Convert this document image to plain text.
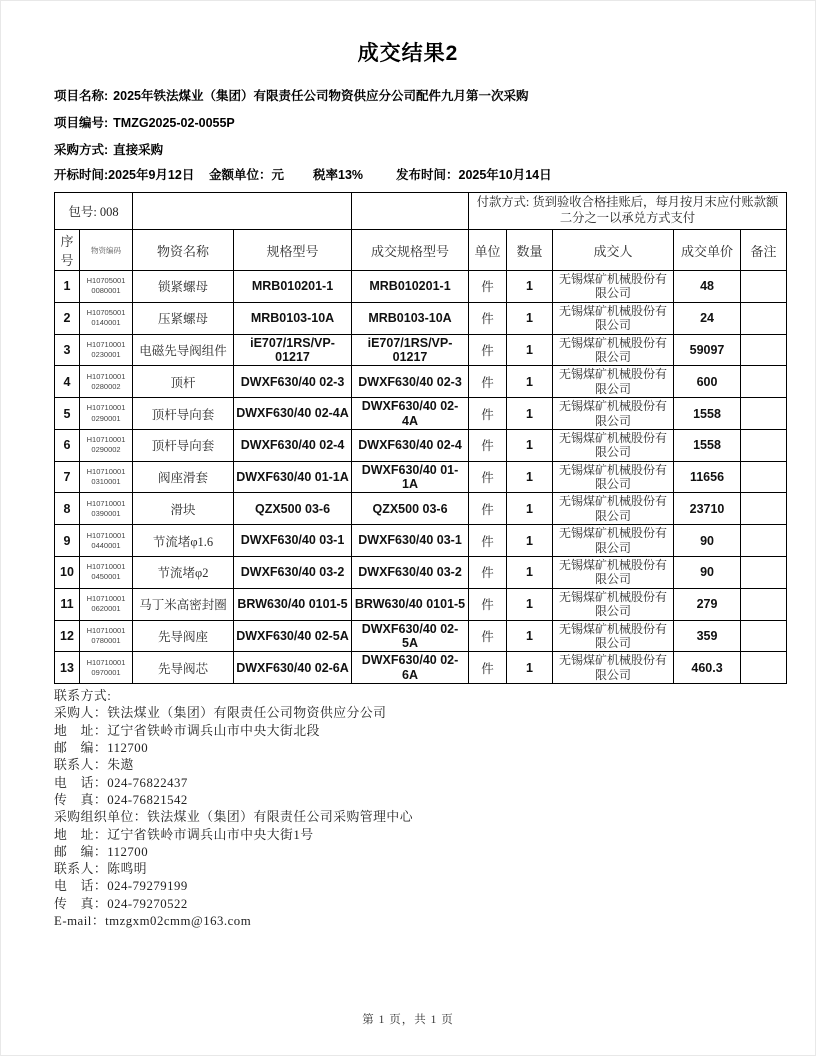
成交结果2
项目名称: 2025年铁法煤业（集团）有限责任公司物资供应分公司配件九月第一次采购
项目编号: TMZG2025-02-0055P
采购方式: 直接采购
开标时间:2025年9月12日	金额单位：元	税率13%	发布时间：2025年10月14日
包号: 008					付款方式: 货到验收合格挂账后，每月按月末应付账款额二分之一以承兑方式支付				
序号	物资编码	物资名称	规格型号	成交规格型号	单位	数量	成交人	成交单价	备注
1	H10705001 0080001	锁紧螺母	MRB010201-1	MRB010201-1	件	1	无锡煤矿机械股份有限公司	48	
2	H10705001 0140001	压紧螺母	MRB0103-10A	MRB0103-10A	件	1	无锡煤矿机械股份有限公司	24	
3	H10710001 0230001	电磁先导阀组件	iE707/1RS/VP-01217	iE707/1RS/VP-01217	件	1	无锡煤矿机械股份有限公司	59097	
4	H10710001 0280002	顶杆	DWXF630/40 02-3	DWXF630/40 02-3	件	1	无锡煤矿机械股份有限公司	600	
5	H10710001 0290001	顶杆导向套	DWXF630/40 02-4A	DWXF630/40 02-4A	件	1	无锡煤矿机械股份有限公司	1558	
6	H10710001 0290002	顶杆导向套	DWXF630/40 02-4	DWXF630/40 02-4	件	1	无锡煤矿机械股份有限公司	1558	
7	H10710001 0310001	阀座滑套	DWXF630/40 01-1A	DWXF630/40 01-1A	件	1	无锡煤矿机械股份有限公司	11656	
8	H10710001 0390001	滑块	QZX500 03-6	QZX500 03-6	件	1	无锡煤矿机械股份有限公司	23710	
9	H10710001 0440001	节流堵φ1.6	DWXF630/40 03-1	DWXF630/40 03-1	件	1	无锡煤矿机械股份有限公司	90	
10	H10710001 0450001	节流堵φ2	DWXF630/40 03-2	DWXF630/40 03-2	件	1	无锡煤矿机械股份有限公司	90	
11	H10710001 0620001	马丁米高密封圈	BRW630/40 0101-5	BRW630/40 0101-5	件	1	无锡煤矿机械股份有限公司	279	
12	H10710001 0780001	先导阀座	DWXF630/40 02-5A	DWXF630/40 02-5A	件	1	无锡煤矿机械股份有限公司	359	
13	H10710001 0970001	先导阀芯	DWXF630/40 02-6A	DWXF630/40 02-6A	件	1	无锡煤矿机械股份有限公司	460.3	
联系方式:
采购人：铁法煤业（集团）有限责任公司物资供应分公司
地　址：辽宁省铁岭市调兵山市中央大街北段
邮　编：112700
联系人：朱遨
电　话：024-76822437
传　真：024-76821542
采购组织单位：铁法煤业（集团）有限责任公司采购管理中心
地　址：辽宁省铁岭市调兵山市中央大街1号
邮　编：112700
联系人：陈鸣明
电　话：024-79279199
传　真：024-79270522
E-mail：tmzgxm02cmm@163.com
第 1 页，共 1 页
